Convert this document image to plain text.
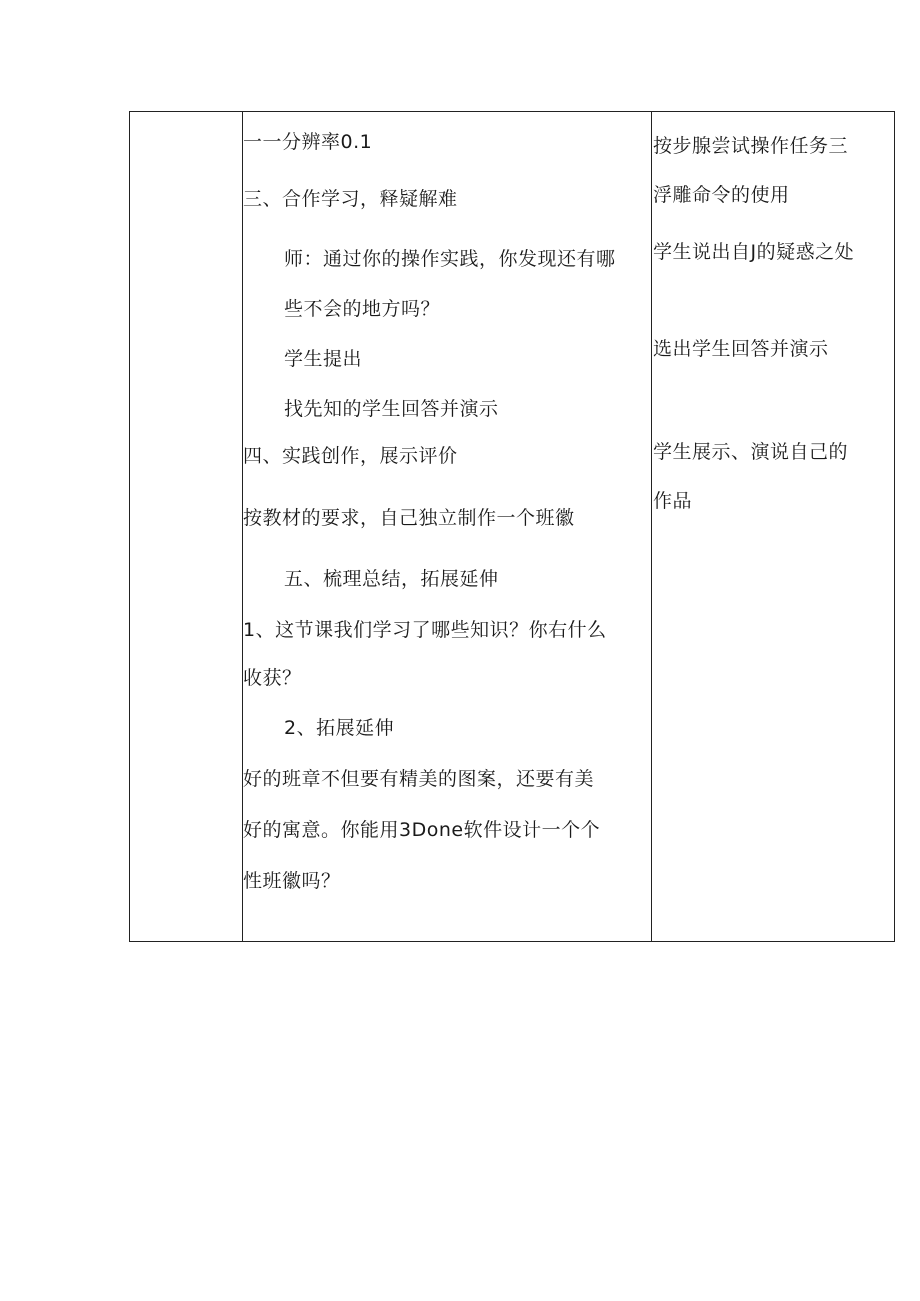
一一分辨率0.1
三、合作学习，释疑解难
师：通过你的操作实践，你发现还有哪
些不会的地方吗？
学生提出
找先知的学生回答并演示
四、实践创作，展示评价
按教材的要求，自己独立制作一个班徽
五、梳理总结，拓展延伸
1、这节课我们学习了哪些知识？你右什么
收获？
2、拓展延伸
好的班章不但要有精美的图案，还要有美
好的寓意。你能用3Done软件设计一个个
性班徽吗？
按步腺尝试操作任务三
浮雕命令的使用
学生说出自J的疑惑之处
选出学生回答并演示
学生展示、演说自己的
作品
